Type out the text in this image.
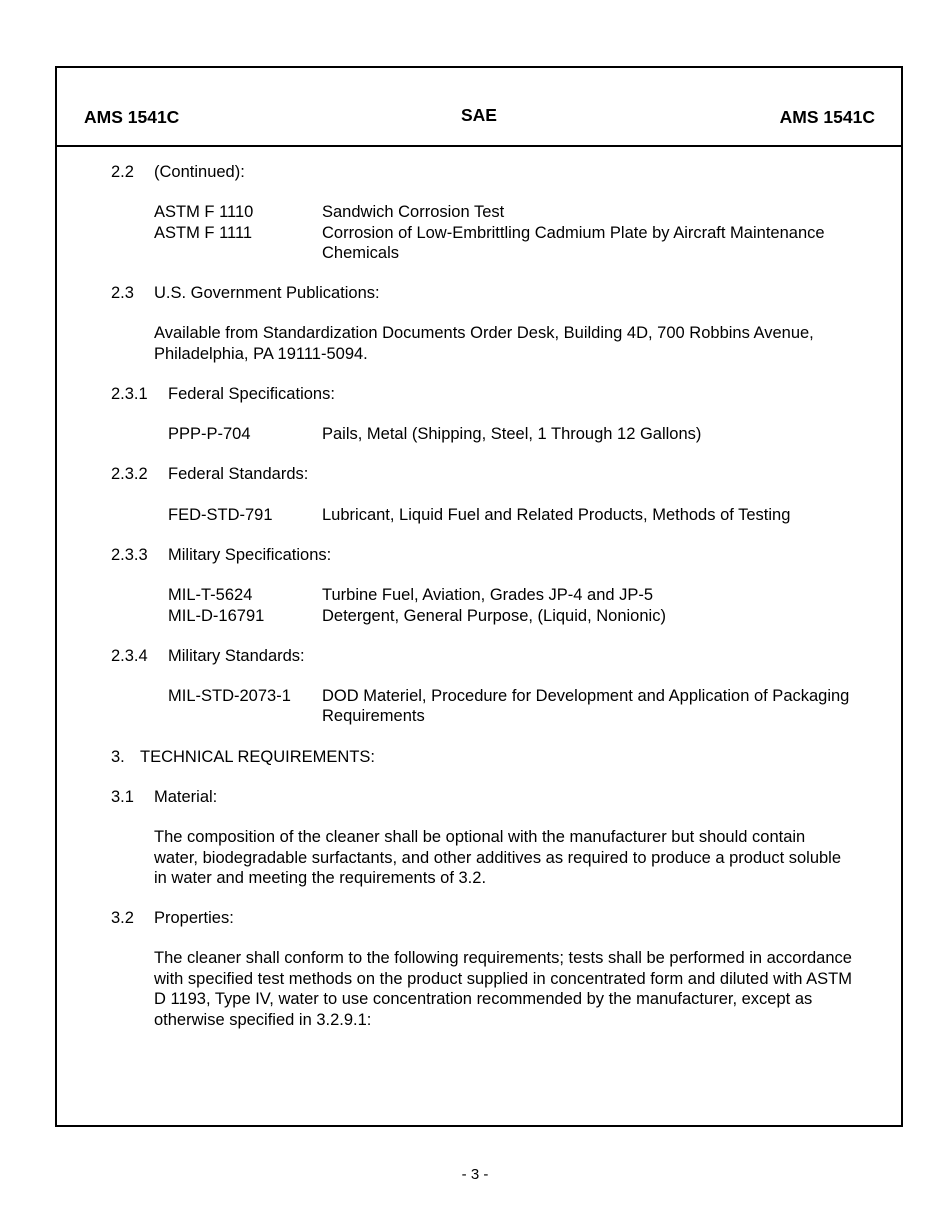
AMS 1541C	SAE	AMS 1541C
2.2 (Continued):
ASTM F 1110	Sandwich Corrosion Test
ASTM F 1111	Corrosion of Low-Embrittling Cadmium Plate by Aircraft Maintenance
Chemicals
2.3 U.S. Government Publications:
Available from Standardization Documents Order Desk, Building 4D, 700 Robbins Avenue,
Philadelphia, PA 19111-5094.
2.3.1 Federal Specifications:
PPP-P-704	Pails, Metal (Shipping, Steel, 1 Through 12 Gallons)
2.3.2 Federal Standards:
FED-STD-791	Lubricant, Liquid Fuel and Related Products, Methods of Testing
2.3.3 Military Specifications:
MIL-T-5624	Turbine Fuel, Aviation, Grades JP-4 and JP-5
MIL-D-16791	Detergent, General Purpose, (Liquid, Nonionic)
2.3.4 Military Standards:
MIL-STD-2073-1 DOD Materiel, Procedure for Development and Application of Packaging
Requirements
3. TECHNICAL REQUIREMENTS:
3.1 Material:
The composition of the cleaner shall be optional with the manufacturer but should contain
water, biodegradable surfactants, and other additives as required to produce a product soluble
in water and meeting the requirements of 3.2.
3.2 Properties:
The cleaner shall conform to the following requirements; tests shall be performed in accordance
with specified test methods on the product supplied in concentrated form and diluted with ASTM
D 1193, Type IV, water to use concentration recommended by the manufacturer, except as
otherwise specified in 3.2.9.1:
- 3 -
